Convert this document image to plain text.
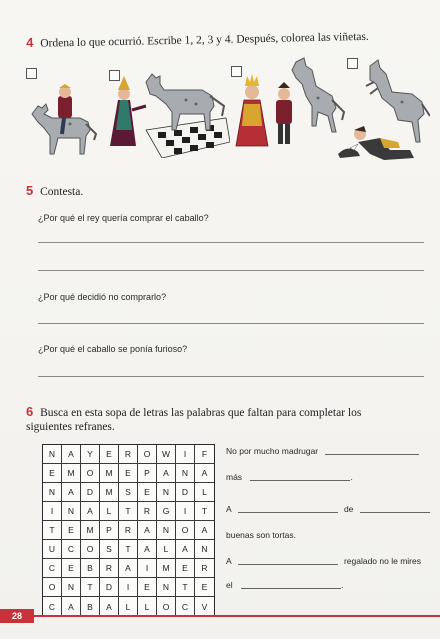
4 Ordena lo que ocurrió. Escribe 1, 2, 3 y 4. Después, colorea las viñetas.
5 Contesta.
¿Por qué el rey quería comprar el caballo?
¿Por qué decidió no comprarlo?
¿Por qué el caballo se ponía furioso?
6 Busca en esta sopa de letras las palabras que faltan para completar los siguientes refranes.
N	A	Y	E	R	O	W	I	F
E	M	O	M	E	P	A	N	A
N	A	D	M	S	E	N	D	L
I	N	A	L	T	R	G	I	T
T	E	M	P	R	A	N	O	A
U	C	O	S	T	A	L	A	N
C	E	B	R	A	I	M	E	R
O	N	T	D	I	E	N	T	E
C	A	B	A	L	L	O	C	V
No por mucho madrugar
más	.
A	de
buenas son tortas.
A	regalado no le mires
el	.
28
